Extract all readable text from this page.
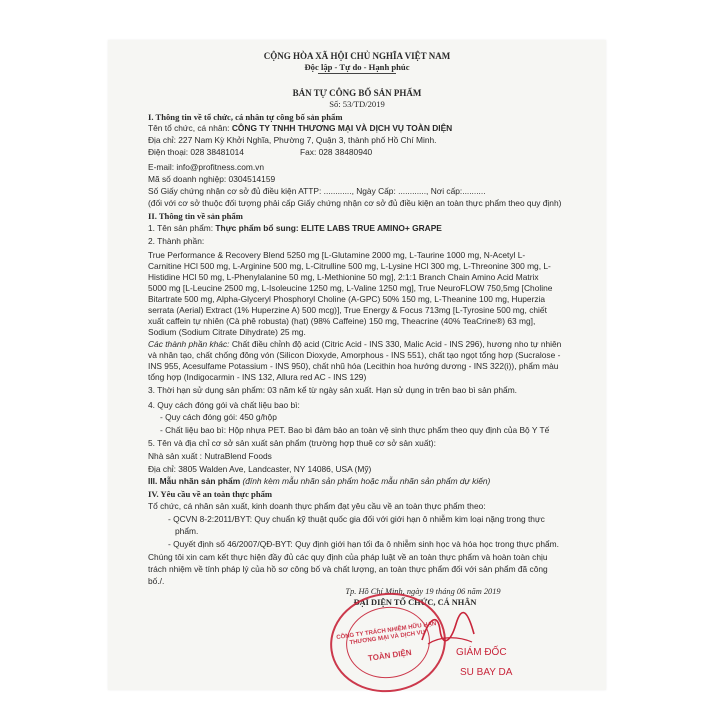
CỘNG HÒA XÃ HỘI CHỦ NGHĨA VIỆT NAM
Độc lập - Tự do - Hạnh phúc
BẢN TỰ CÔNG BỐ SẢN PHẨM
Số: 53/TD/2019
I. Thông tin về tổ chức, cá nhân tự công bố sản phẩm
Tên tổ chức, cá nhân: CÔNG TY TNHH THƯƠNG MẠI VÀ DỊCH VỤ TOÀN DIỆN
Địa chỉ: 227 Nam Kỳ Khởi Nghĩa, Phường 7, Quận 3, thành phố Hồ Chí Minh.
Điện thoại: 028 38481014	Fax: 028 38480940
E-mail: info@profitness.com.vn
Mã số doanh nghiệp: 0304514159
Số Giấy chứng nhận cơ sở đủ điều kiện ATTP: ............, Ngày Cấp: ............, Nơi cấp:..........
(đối với cơ sở thuộc đối tượng phải cấp Giấy chứng nhận cơ sở đủ điều kiện an toàn thực phẩm theo quy định)
II. Thông tin về sản phẩm
1. Tên sản phẩm: Thực phẩm bổ sung: ELITE LABS TRUE AMINO+ GRAPE
2. Thành phần:
True Performance & Recovery Blend 5250 mg [L-Glutamine 2000 mg, L-Taurine 1000 mg, N-Acetyl L-
Carnitine HCl 500 mg, L-Arginine 500 mg, L-Citrulline 500 mg, L-Lysine HCl 300 mg, L-Threonine 300 mg, L-
Histidine HCl 50 mg, L-Phenylalanine 50 mg, L-Methionine 50 mg], 2:1:1 Branch Chain Amino Acid Matrix
5000 mg [L-Leucine 2500 mg, L-Isoleucine 1250 mg, L-Valine 1250 mg], True NeuroFLOW 750,5mg [Choline
Bitartrate 500 mg, Alpha-Glyceryl Phosphoryl Choline (A-GPC) 50% 150 mg, L-Theanine 100 mg, Huperzia
serrata (Aerial) Extract (1% Huperzine A) 500 mcg)], True Energy & Focus 713mg [L-Tyrosine 500 mg, chiết
xuất caffein tự nhiên (Cà phê robusta) (hạt) (98% Caffeine) 150 mg, Theacrine (40% TeaCrine®) 63 mg],
Sodium (Sodium Citrate Dihydrate) 25 mg.
Các thành phần khác: Chất điều chỉnh độ acid (Citric Acid - INS 330, Malic Acid - INS 296), hương nho tự nhiên
và nhân tạo, chất chống đông vón (Silicon Dioxyde, Amorphous - INS 551), chất tạo ngọt tổng hợp (Sucralose -
INS 955, Acesulfame Potassium - INS 950), chất nhũ hóa (Lecithin hoa hướng dương - INS 322(i)), phẩm màu
tổng hợp (Indigocarmin - INS 132, Allura red AC - INS 129)
3. Thời hạn sử dụng sản phẩm: 03 năm kể từ ngày sản xuất. Hạn sử dụng in trên bao bì sản phẩm.
4. Quy cách đóng gói và chất liệu bao bì:
- Quy cách đóng gói: 450 g/hộp
- Chất liệu bao bì: Hộp nhựa PET. Bao bì đảm bảo an toàn vệ sinh thực phẩm theo quy định của Bộ Y Tế
5. Tên và địa chỉ cơ sở sản xuất sản phẩm (trường hợp thuê cơ sở sản xuất):
Nhà sản xuất : NutraBlend Foods
Địa chỉ: 3805 Walden Ave, Landcaster, NY 14086, USA (Mỹ)
III. Mẫu nhãn sản phẩm (đính kèm mẫu nhãn sản phẩm hoặc mẫu nhãn sản phẩm dự kiến)
IV. Yêu cầu về an toàn thực phẩm
Tổ chức, cá nhân sản xuất, kinh doanh thực phẩm đạt yêu cầu về an toàn thực phẩm theo:
- QCVN 8-2:2011/BYT: Quy chuẩn kỹ thuật quốc gia đối với giới hạn ô nhiễm kim loại nặng trong thực
phẩm.
- Quyết định số 46/2007/QĐ-BYT: Quy định giới hạn tối đa ô nhiễm sinh học và hóa học trong thực phẩm.
Chúng tôi xin cam kết thực hiện đầy đủ các quy định của pháp luật về an toàn thực phẩm và hoàn toàn chịu
trách nhiệm về tính pháp lý của hồ sơ công bố và chất lượng, an toàn thực phẩm đối với sản phẩm đã công
bố./.
Tp. Hồ Chí Minh, ngày 19 tháng 06 năm 2019
ĐẠI DIỆN TỔ CHỨC, CÁ NHÂN
CÔNG TY TRÁCH NHIỆM HỮU HẠN THƯƠNG MẠI VÀ DỊCH VỤ
TOÀN DIỆN	GIÁM ĐỐC
SU BAY DA
